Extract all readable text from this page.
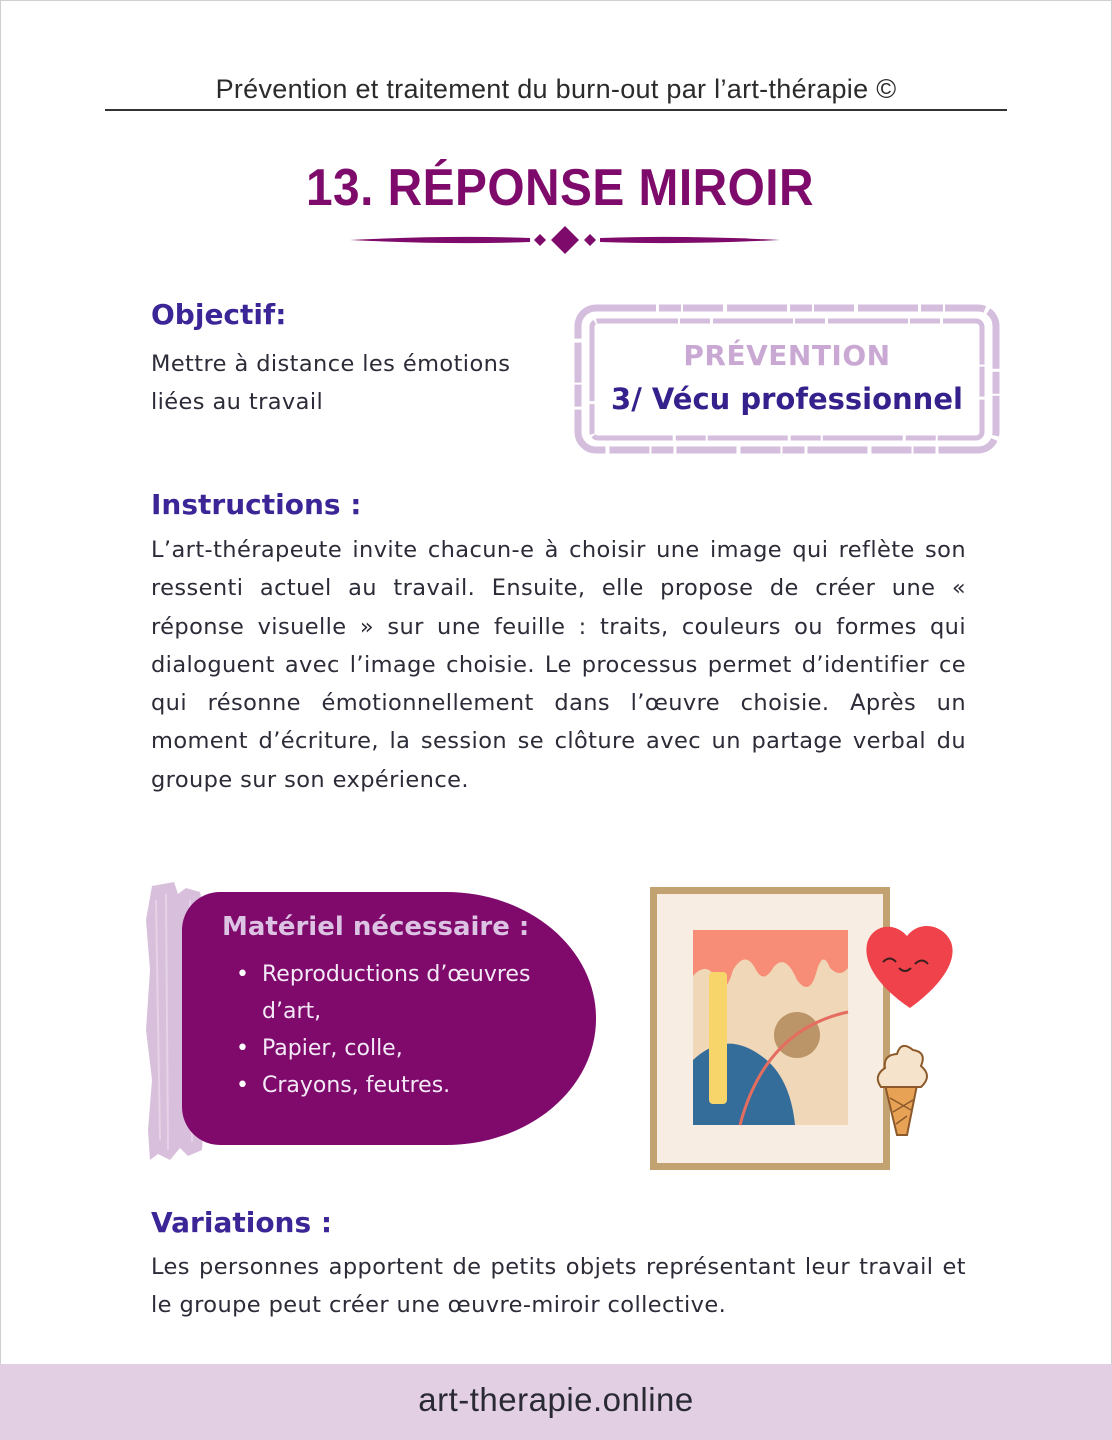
Prévention et traitement du burn-out par l’art-thérapie ©
13. RÉPONSE MIROIR
Objectif:
Mettre à distance les émotions
liées au travail
PRÉVENTION
3/ Vécu professionnel
Instructions :
L’art-thérapeute invite chacun-e à choisir une image qui reflète son ressenti actuel au travail. Ensuite, elle propose de créer une « réponse visuelle » sur une feuille : traits, couleurs ou formes qui dialoguent avec l’image choisie. Le processus permet d’identifier ce qui résonne émotionnellement dans l’œuvre choisie. Après un moment d’écriture, la session se clôture avec un partage verbal du groupe sur son expérience.
Matériel nécessaire :
• Reproductions d’œuvres d’art,
• Papier, colle,
• Crayons, feutres.
Variations :
Les personnes apportent de petits objets représentant leur travail et le groupe peut créer une œuvre-miroir collective.
art-therapie.online
